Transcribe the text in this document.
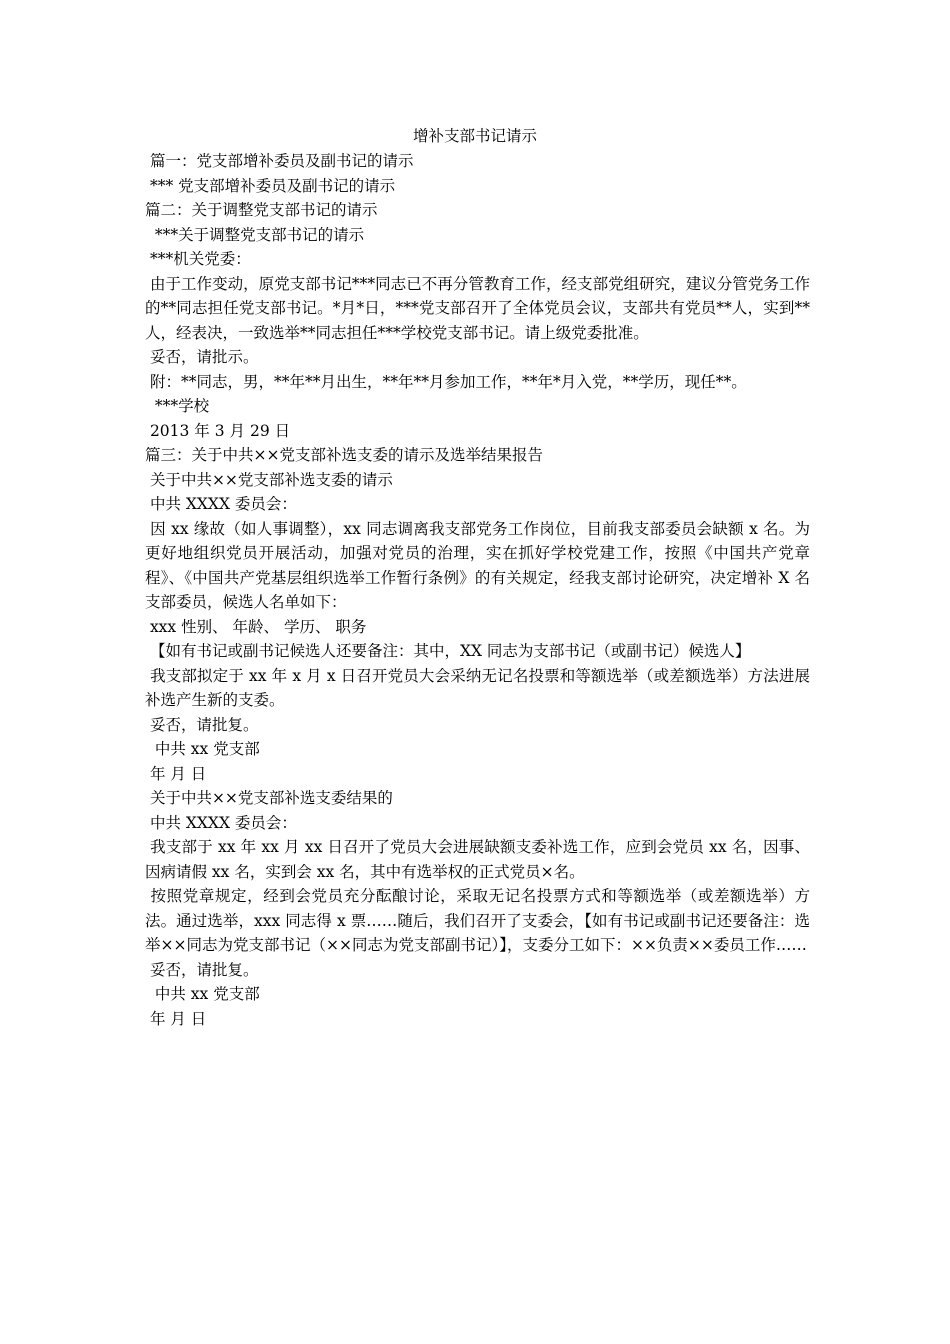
增补支部书记请示

篇一：党支部增补委员及副书记的请示

*** 党支部增补委员及副书记的请示

篇二：关于调整党支部书记的请示

***关于调整党支部书记的请示

***机关党委：

由于工作变动，原党支部书记***同志已不再分管教育工作，经支部党组研究，建议分管党务工作的**同志担任党支部书记。*月*日，***党支部召开了全体党员会议，支部共有党员**人，实到**人，经表决，一致选举**同志担任***学校党支部书记。请上级党委批准。

妥否，请批示。

附：**同志，男，**年**月出生，**年**月参加工作，**年*月入党，**学历，现任**。

***学校

2013 年 3 月 29 日

篇三：关于中共××党支部补选支委的请示及选举结果报告

关于中共××党支部补选支委的请示

中共 XXXX 委员会：

因 xx 缘故（如人事调整），xx 同志调离我支部党务工作岗位，目前我支部委员会缺额 x 名。为更好地组织党员开展活动，加强对党员的治理，实在抓好学校党建工作，按照《中国共产党章程》、《中国共产党基层组织选举工作暂行条例》的有关规定，经我支部讨论研究，决定增补 X 名支部委员，候选人名单如下：

xxx 性别、 年龄、 学历、 职务

【如有书记或副书记候选人还要备注：其中，XX 同志为支部书记（或副书记）候选人】

我支部拟定于 xx 年 x 月 x 日召开党员大会采纳无记名投票和等额选举（或差额选举）方法进展补选产生新的支委。

妥否，请批复。

中共 xx 党支部

年 月 日

关于中共××党支部补选支委结果的

中共 XXXX 委员会：

我支部于 xx 年 xx 月 xx 日召开了党员大会进展缺额支委补选工作，应到会党员 xx 名，因事、因病请假 xx 名，实到会 xx 名，其中有选举权的正式党员×名。

按照党章规定，经到会党员充分酝酿讨论，采取无记名投票方式和等额选举（或差额选举）方法。通过选举，xxx 同志得 x 票……随后，我们召开了支委会，【如有书记或副书记还要备注：选举××同志为党支部书记（××同志为党支部副书记）】，支委分工如下：××负责××委员工作……

妥否，请批复。

中共 xx 党支部

年 月 日
